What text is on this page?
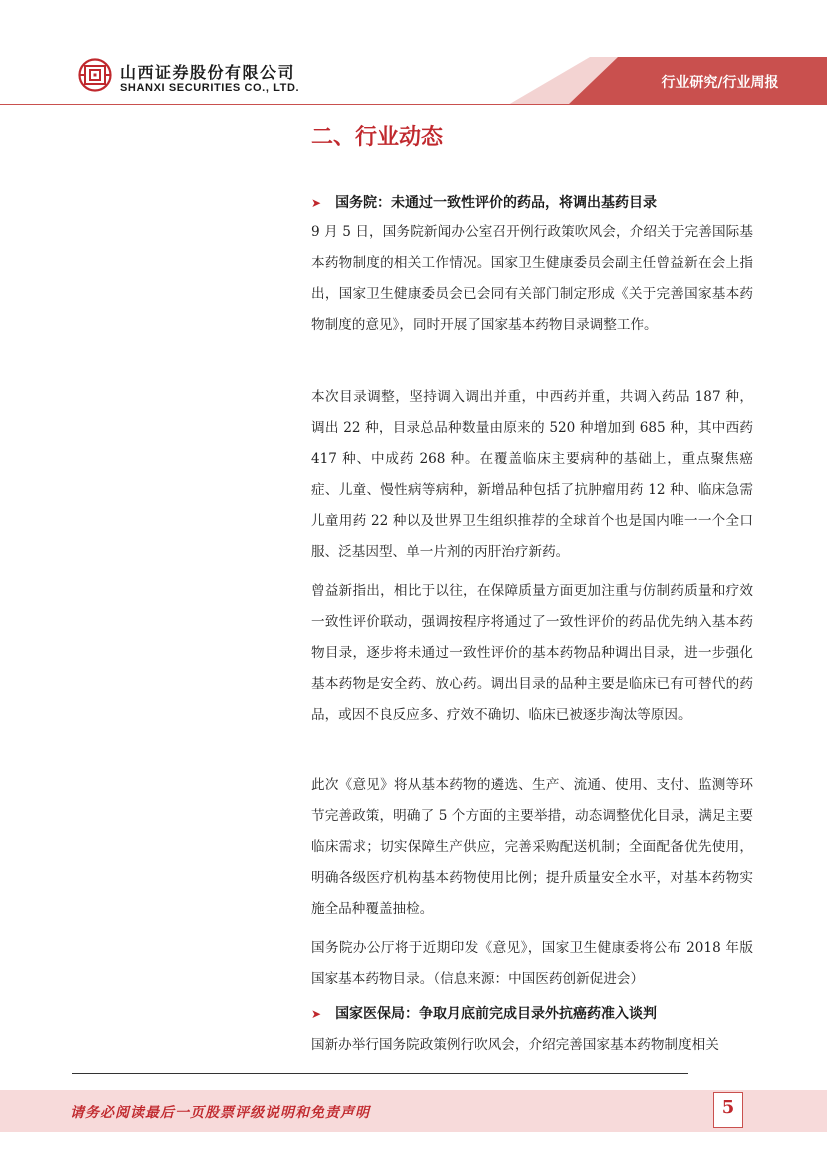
山西证券股份有限公司
SHANXI SECURITIES CO., LTD.	行业研究/行业周报
二、行业动态
➤ 国务院：未通过一致性评价的药品，将调出基药目录

9 月 5 日，国务院新闻办公室召开例行政策吹风会，介绍关于完善国际基本药物制度的相关工作情况。国家卫生健康委员会副主任曾益新在会上指出，国家卫生健康委员会已会同有关部门制定形成《关于完善国家基本药物制度的意见》，同时开展了国家基本药物目录调整工作。

本次目录调整，坚持调入调出并重，中西药并重，共调入药品 187 种，调出 22 种，目录总品种数量由原来的 520 种增加到 685 种，其中西药 417 种、中成药 268 种。在覆盖临床主要病种的基础上，重点聚焦癌症、儿童、慢性病等病种，新增品种包括了抗肿瘤用药 12 种、临床急需儿童用药 22 种以及世界卫生组织推荐的全球首个也是国内唯一一个全口服、泛基因型、单一片剂的丙肝治疗新药。

曾益新指出，相比于以往，在保障质量方面更加注重与仿制药质量和疗效一致性评价联动，强调按程序将通过了一致性评价的药品优先纳入基本药物目录，逐步将未通过一致性评价的基本药物品种调出目录，进一步强化基本药物是安全药、放心药。调出目录的品种主要是临床已有可替代的药品，或因不良反应多、疗效不确切、临床已被逐步淘汰等原因。

此次《意见》将从基本药物的遴选、生产、流通、使用、支付、监测等环节完善政策，明确了 5 个方面的主要举措，动态调整优化目录，满足主要临床需求；切实保障生产供应，完善采购配送机制；全面配备优先使用，明确各级医疗机构基本药物使用比例；提升质量安全水平，对基本药物实施全品种覆盖抽检。

国务院办公厅将于近期印发《意见》，国家卫生健康委将公布 2018 年版国家基本药物目录。（信息来源：中国医药创新促进会）

➤ 国家医保局：争取月底前完成目录外抗癌药准入谈判

国新办举行国务院政策例行吹风会，介绍完善国家基本药物制度相关

请务必阅读最后一页股票评级说明和免责声明	5
